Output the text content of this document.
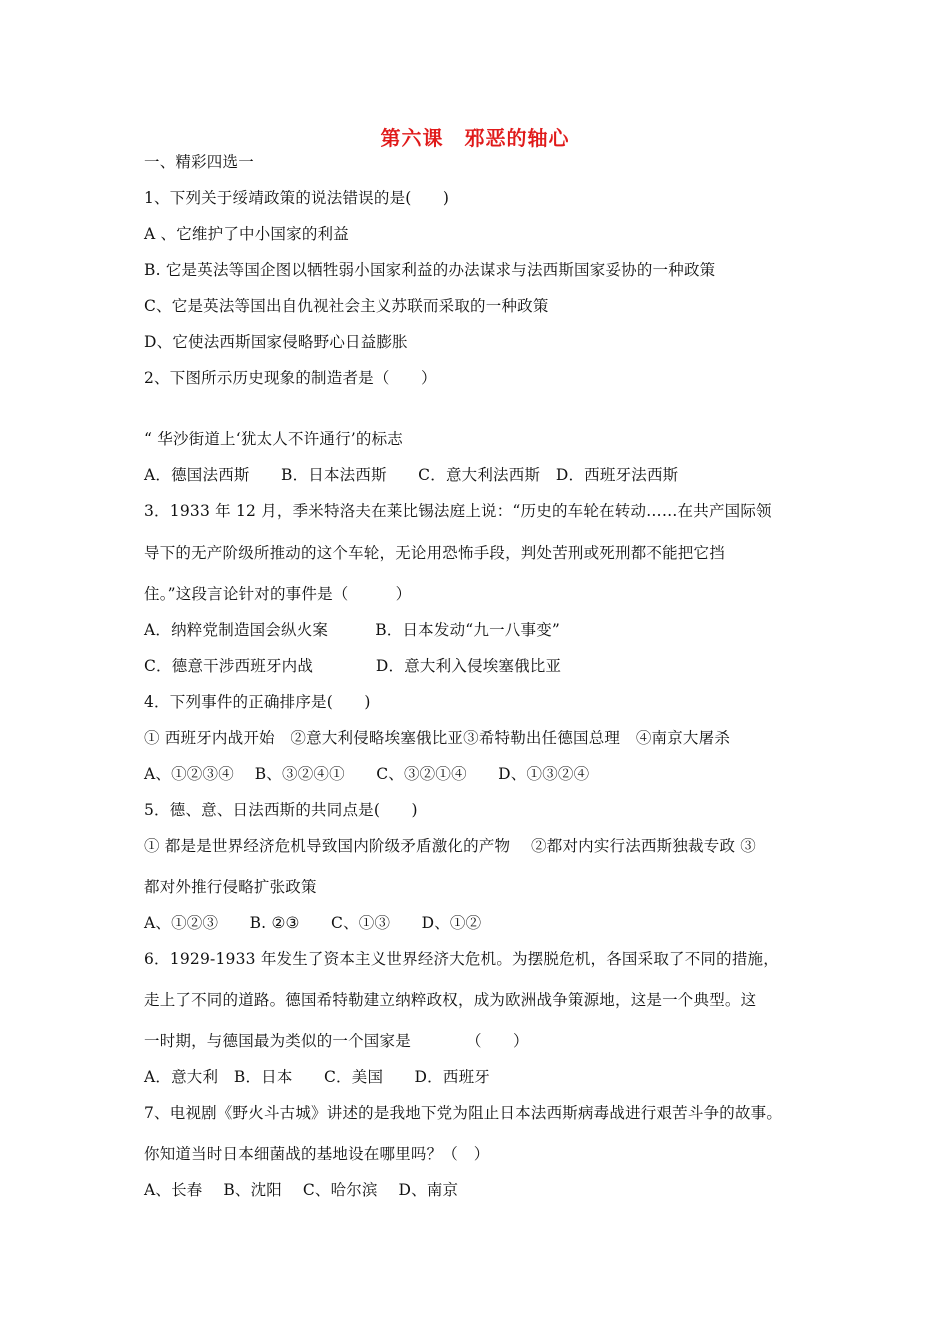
第六课　邪恶的轴心
一、精彩四选一
1、下列关于绥靖政策的说法错误的是(　　)
A 、它维护了中小国家的利益
B. 它是英法等国企图以牺牲弱小国家利益的办法谋求与法西斯国家妥协的一种政策
C、它是英法等国出自仇视社会主义苏联而采取的一种政策
D、它使法西斯国家侵略野心日益膨胀
2、下图所示历史现象的制造者是（　　）
“ 华沙街道上‘犹太人不许通行’的标志
A．德国法西斯　　B．日本法西斯　　C．意大利法西斯　D．西班牙法西斯
3．1933 年 12 月，季米特洛夫在莱比锡法庭上说：“历史的车轮在转动……在共产国际领
导下的无产阶级所推动的这个车轮，无论用恐怖手段，判处苦刑或死刑都不能把它挡
住。”这段言论针对的事件是（　　　）
A．纳粹党制造国会纵火案　　　B．日本发动“九一八事变”
C．德意干涉西班牙内战　　　　D．意大利入侵埃塞俄比亚
4．下列事件的正确排序是(　　)
① 西班牙内战开始　②意大利侵略埃塞俄比亚③希特勒出任德国总理　④南京大屠杀
A、①②③④　 B、③②④①　　C、③②①④　　D、①③②④
5．德、意、日法西斯的共同点是(　　)
① 都是是世界经济危机导致国内阶级矛盾激化的产物　 ②都对内实行法西斯独裁专政 ③
都对外推行侵略扩张政策
A、①②③　　B. ②③　　C、①③　　D、①②
6．1929-1933 年发生了资本主义世界经济大危机。为摆脱危机，各国采取了不同的措施，
走上了不同的道路。德国希特勒建立纳粹政权，成为欧洲战争策源地，这是一个典型。这
一时期，与德国最为类似的一个国家是　　　　（　　）
A．意大利　B．日本　　C．美国　　D．西班牙
7、电视剧《野火斗古城》讲述的是我地下党为阻止日本法西斯病毒战进行艰苦斗争的故事。
你知道当时日本细菌战的基地设在哪里吗？（　）
A、长春　 B、沈阳　 C、哈尔滨　 D、南京
